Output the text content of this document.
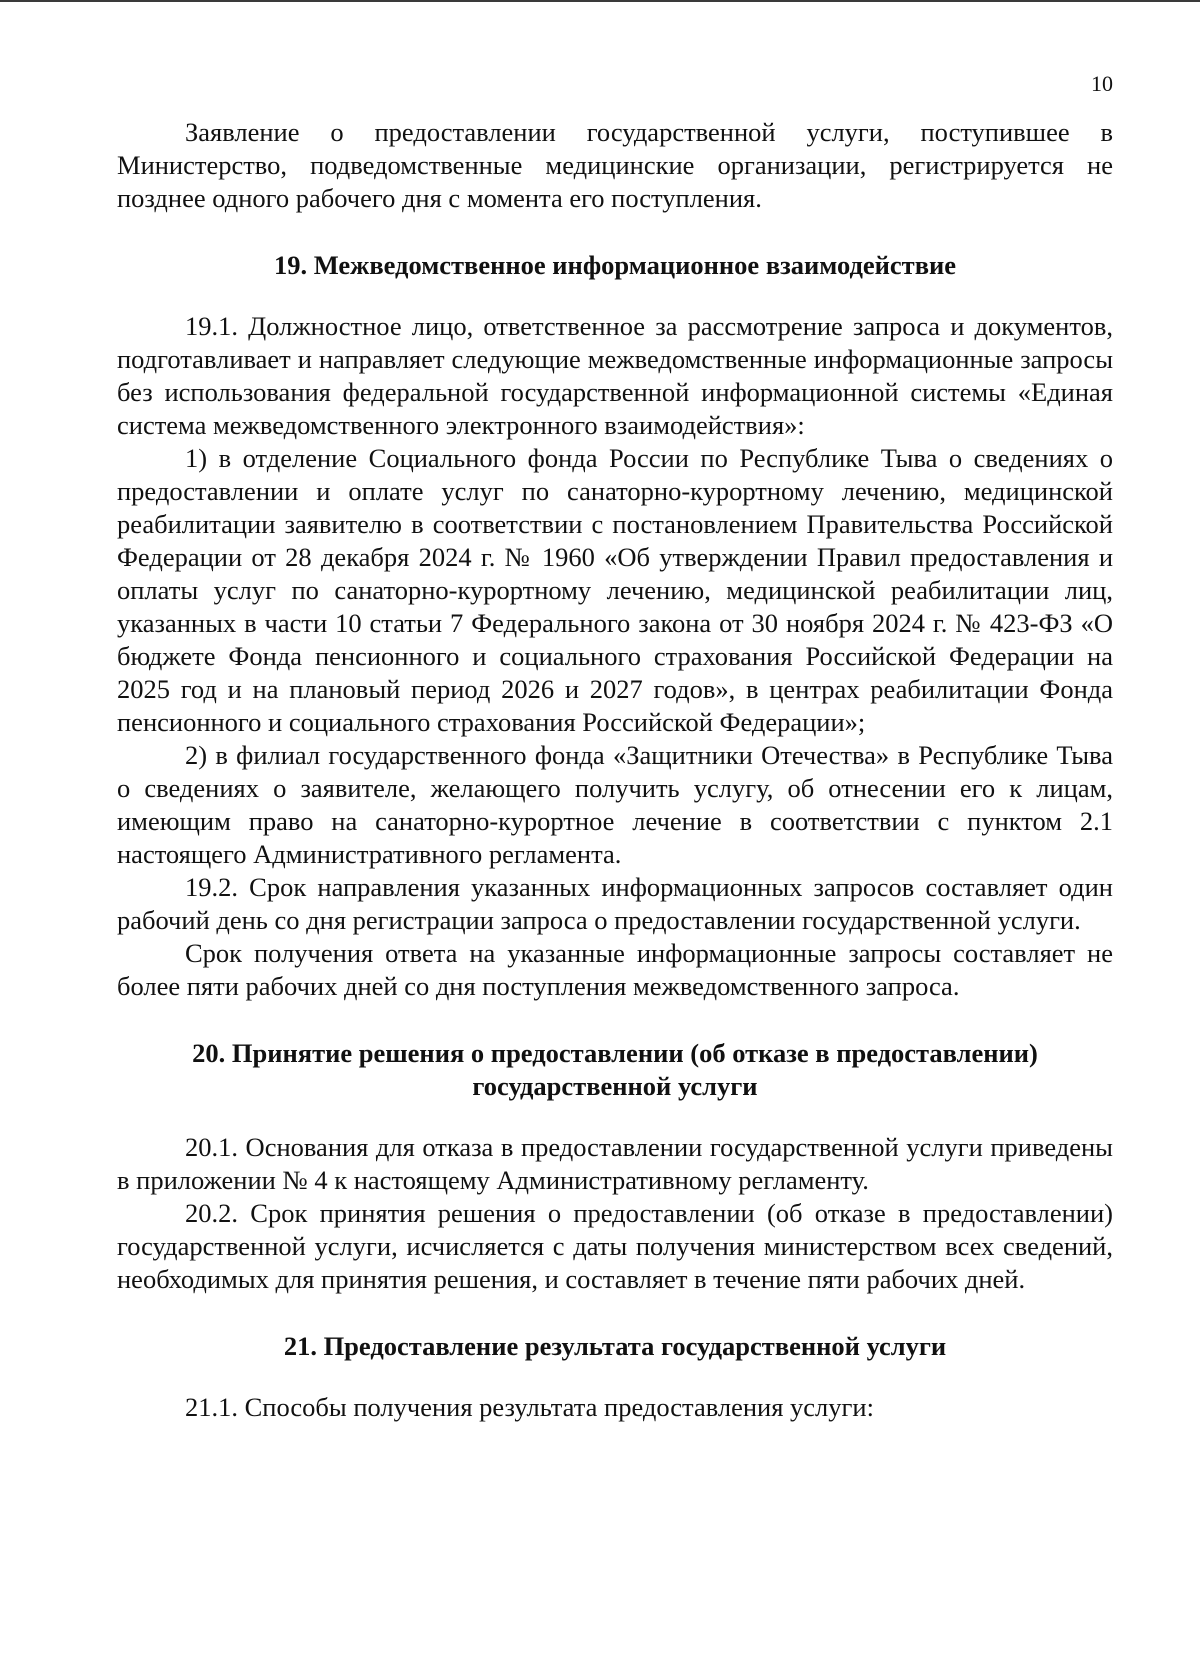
10

Заявление о предоставлении государственной услуги, поступившее в Министерство, подведомственные медицинские организации, регистрируется не позднее одного рабочего дня с момента его поступления.

19. Межведомственное информационное взаимодействие

19.1. Должностное лицо, ответственное за рассмотрение запроса и документов, подготавливает и направляет следующие межведомственные информационные запросы без использования федеральной государственной информационной системы «Единая система межведомственного электронного взаимодействия»:

1) в отделение Социального фонда России по Республике Тыва о сведениях о предоставлении и оплате услуг по санаторно-курортному лечению, медицинской реабилитации заявителю в соответствии с постановлением Правительства Российской Федерации от 28 декабря 2024 г. № 1960 «Об утверждении Правил предоставления и оплаты услуг по санаторно-курортному лечению, медицинской реабилитации лиц, указанных в части 10 статьи 7 Федерального закона от 30 ноября 2024 г. № 423-ФЗ «О бюджете Фонда пенсионного и социального страхования Российской Федерации на 2025 год и на плановый период 2026 и 2027 годов», в центрах реабилитации Фонда пенсионного и социального страхования Российской Федерации»;

2) в филиал государственного фонда «Защитники Отечества» в Республике Тыва о сведениях о заявителе, желающего получить услугу, об отнесении его к лицам, имеющим право на санаторно-курортное лечение в соответствии с пунктом 2.1 настоящего Административного регламента.

19.2. Срок направления указанных информационных запросов составляет один рабочий день со дня регистрации запроса о предоставлении государственной услуги.

Срок получения ответа на указанные информационные запросы составляет не более пяти рабочих дней со дня поступления межведомственного запроса.

20. Принятие решения о предоставлении (об отказе в предоставлении)
государственной услуги

20.1. Основания для отказа в предоставлении государственной услуги приведены в приложении № 4 к настоящему Административному регламенту.

20.2. Срок принятия решения о предоставлении (об отказе в предоставлении) государственной услуги, исчисляется с даты получения министерством всех сведений, необходимых для принятия решения, и составляет в течение пяти рабочих дней.

21. Предоставление результата государственной услуги

21.1. Способы получения результата предоставления услуги:
